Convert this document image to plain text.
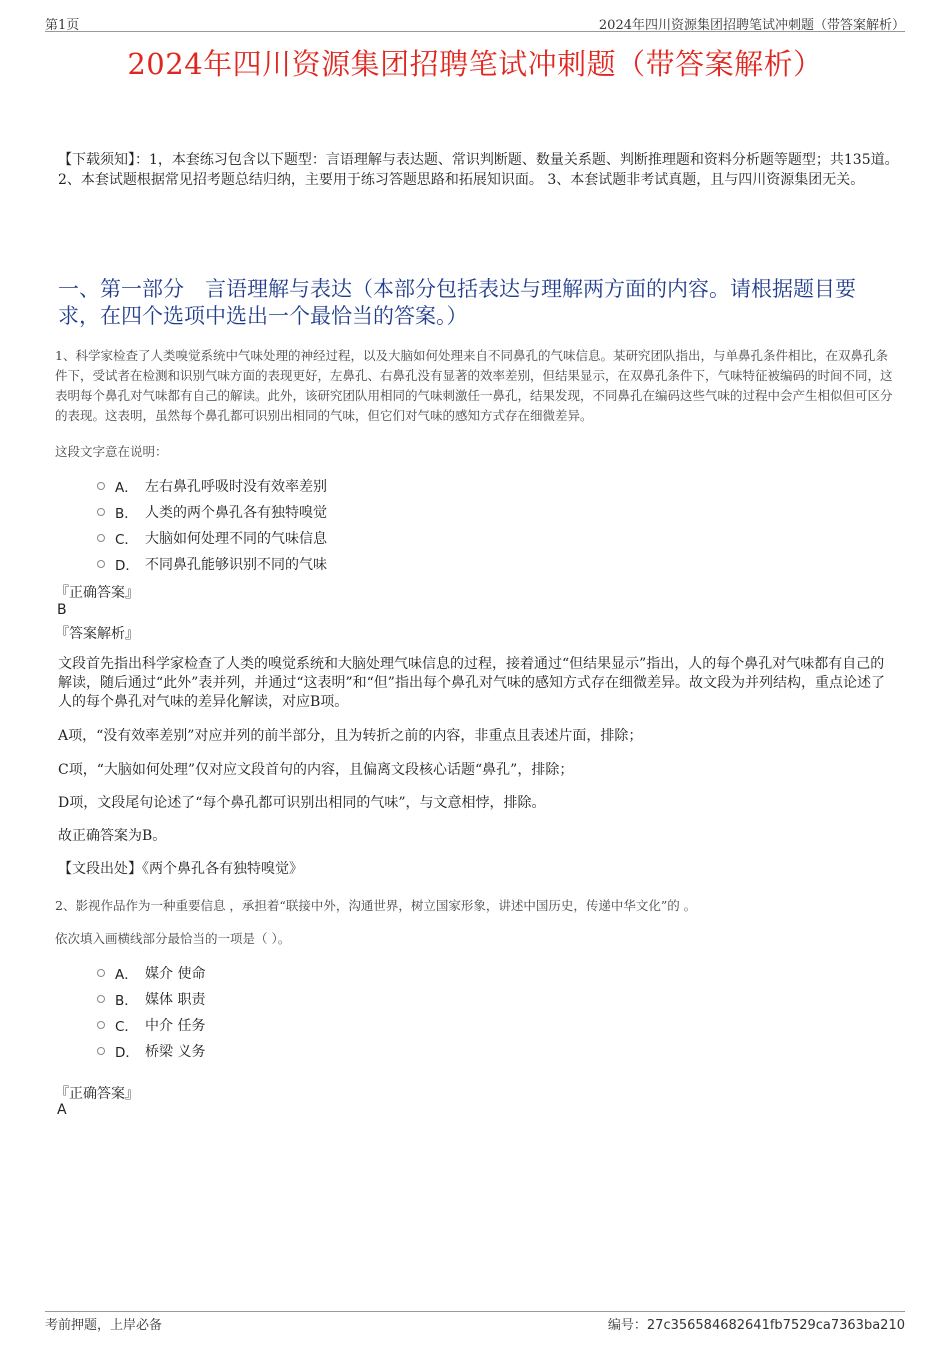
第1页	2024年四川资源集团招聘笔试冲刺题（带答案解析）
2024年四川资源集团招聘笔试冲刺题（带答案解析）
【下载须知】：1，本套练习包含以下题型：言语理解与表达题、常识判断题、数量关系题、判断推理题和资料分析题等题型；共135道。 2、本套试题根据常见招考题总结归纳，主要用于练习答题思路和拓展知识面。 3、本套试题非考试真题，且与四川资源集团无关。
一、第一部分　言语理解与表达（本部分包括表达与理解两方面的内容。请根据题目要求，在四个选项中选出一个最恰当的答案。）
1、科学家检查了人类嗅觉系统中气味处理的神经过程，以及大脑如何处理来自不同鼻孔的气味信息。某研究团队指出，与单鼻孔条件相比，在双鼻孔条件下，受试者在检测和识别气味方面的表现更好，左鼻孔、右鼻孔没有显著的效率差别，但结果显示，在双鼻孔条件下，气味特征被编码的时间不同，这表明每个鼻孔对气味都有自己的解读。此外，该研究团队用相同的气味刺激任一鼻孔，结果发现，不同鼻孔在编码这些气味的过程中会产生相似但可区分的表现。这表明，虽然每个鼻孔都可识别出相同的气味，但它们对气味的感知方式存在细微差异。
这段文字意在说明：
A． 左右鼻孔呼吸时没有效率差别
B． 人类的两个鼻孔各有独特嗅觉
C． 大脑如何处理不同的气味信息
D． 不同鼻孔能够识别不同的气味
『正确答案』
B
『答案解析』
文段首先指出科学家检查了人类的嗅觉系统和大脑处理气味信息的过程，接着通过“但结果显示”指出，人的每个鼻孔对气味都有自己的解读，随后通过“此外”表并列，并通过“这表明”和“但”指出每个鼻孔对气味的感知方式存在细微差异。故文段为并列结构，重点论述了人的每个鼻孔对气味的差异化解读，对应B项。
A项，“没有效率差别”对应并列的前半部分，且为转折之前的内容，非重点且表述片面，排除；
C项，“大脑如何处理”仅对应文段首句的内容，且偏离文段核心话题“鼻孔”，排除；
D项，文段尾句论述了“每个鼻孔都可识别出相同的气味”，与文意相悖，排除。
故正确答案为B。
【文段出处】《两个鼻孔各有独特嗅觉》
2、影视作品作为一种重要信息 ，承担着“联接中外，沟通世界，树立国家形象，讲述中国历史，传递中华文化”的 。
依次填入画横线部分最恰当的一项是（ ）。
A． 媒介 使命
B． 媒体 职责
C． 中介 任务
D． 桥梁 义务
『正确答案』
A
考前押题，上岸必备	编号：27c356584682641fb7529ca7363ba210
